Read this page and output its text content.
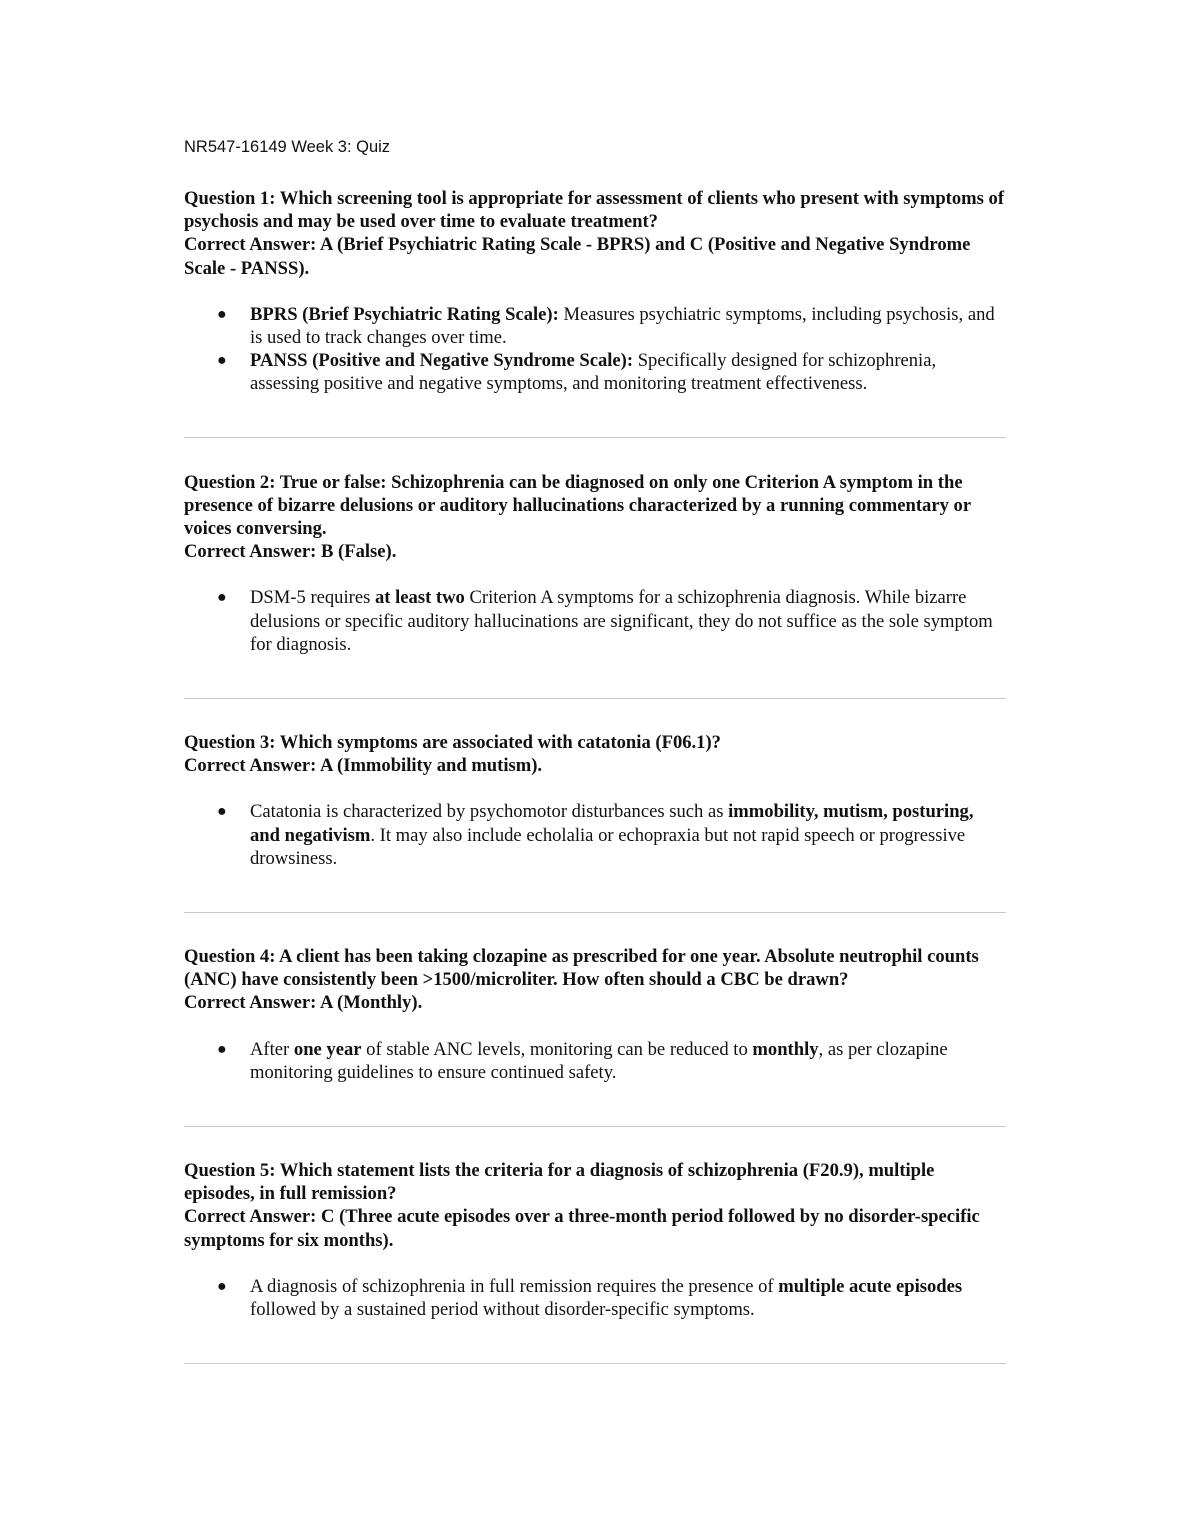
NR547-16149 Week 3: Quiz

Question 1: Which screening tool is appropriate for assessment of clients who present with symptoms of psychosis and may be used over time to evaluate treatment?

Correct Answer: A (Brief Psychiatric Rating Scale - BPRS) and C (Positive and Negative Syndrome Scale - PANSS).

● BPRS (Brief Psychiatric Rating Scale): Measures psychiatric symptoms, including psychosis, and is used to track changes over time.
● PANSS (Positive and Negative Syndrome Scale): Specifically designed for schizophrenia, assessing positive and negative symptoms, and monitoring treatment effectiveness.

Question 2: True or false: Schizophrenia can be diagnosed on only one Criterion A symptom in the presence of bizarre delusions or auditory hallucinations characterized by a running commentary or voices conversing.

Correct Answer: B (False).

● DSM-5 requires at least two Criterion A symptoms for a schizophrenia diagnosis. While bizarre delusions or specific auditory hallucinations are significant, they do not suffice as the sole symptom for diagnosis.

Question 3: Which symptoms are associated with catatonia (F06.1)?

Correct Answer: A (Immobility and mutism).

● Catatonia is characterized by psychomotor disturbances such as immobility, mutism, posturing, and negativism. It may also include echolalia or echopraxia but not rapid speech or progressive drowsiness.

Question 4: A client has been taking clozapine as prescribed for one year. Absolute neutrophil counts (ANC) have consistently been >1500/microliter. How often should a CBC be drawn?

Correct Answer: A (Monthly).

● After one year of stable ANC levels, monitoring can be reduced to monthly, as per clozapine monitoring guidelines to ensure continued safety.

Question 5: Which statement lists the criteria for a diagnosis of schizophrenia (F20.9), multiple episodes, in full remission?

Correct Answer: C (Three acute episodes over a three-month period followed by no disorder-specific symptoms for six months).

● A diagnosis of schizophrenia in full remission requires the presence of multiple acute episodes followed by a sustained period without disorder-specific symptoms.
